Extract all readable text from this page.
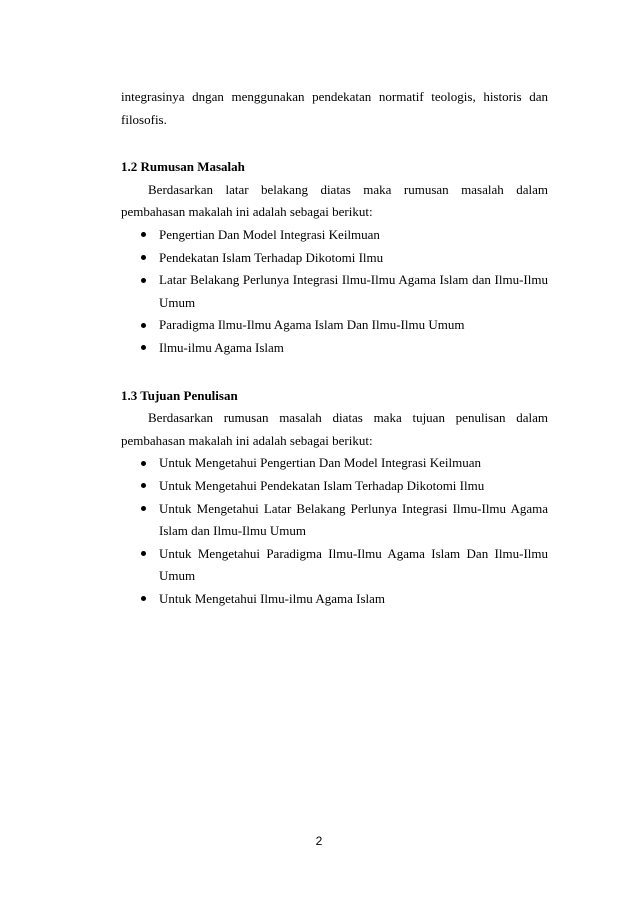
integrasinya dngan menggunakan pendekatan normatif teologis, historis dan filosofis.

1.2 Rumusan Masalah

Berdasarkan latar belakang diatas maka rumusan masalah dalam pembahasan makalah ini adalah sebagai berikut:

Pengertian Dan Model Integrasi Keilmuan
Pendekatan Islam Terhadap Dikotomi Ilmu
Latar Belakang Perlunya Integrasi Ilmu-Ilmu Agama Islam dan Ilmu-Ilmu Umum
Paradigma Ilmu-Ilmu Agama Islam Dan Ilmu-Ilmu Umum
Ilmu-ilmu Agama Islam

1.3 Tujuan Penulisan

Berdasarkan rumusan masalah diatas maka tujuan penulisan dalam pembahasan makalah ini adalah sebagai berikut:

Untuk Mengetahui Pengertian Dan Model Integrasi Keilmuan
Untuk Mengetahui Pendekatan Islam Terhadap Dikotomi Ilmu
Untuk Mengetahui Latar Belakang Perlunya Integrasi Ilmu-Ilmu Agama Islam dan Ilmu-Ilmu Umum
Untuk Mengetahui Paradigma Ilmu-Ilmu Agama Islam Dan Ilmu-Ilmu Umum
Untuk Mengetahui Ilmu-ilmu Agama Islam
2
